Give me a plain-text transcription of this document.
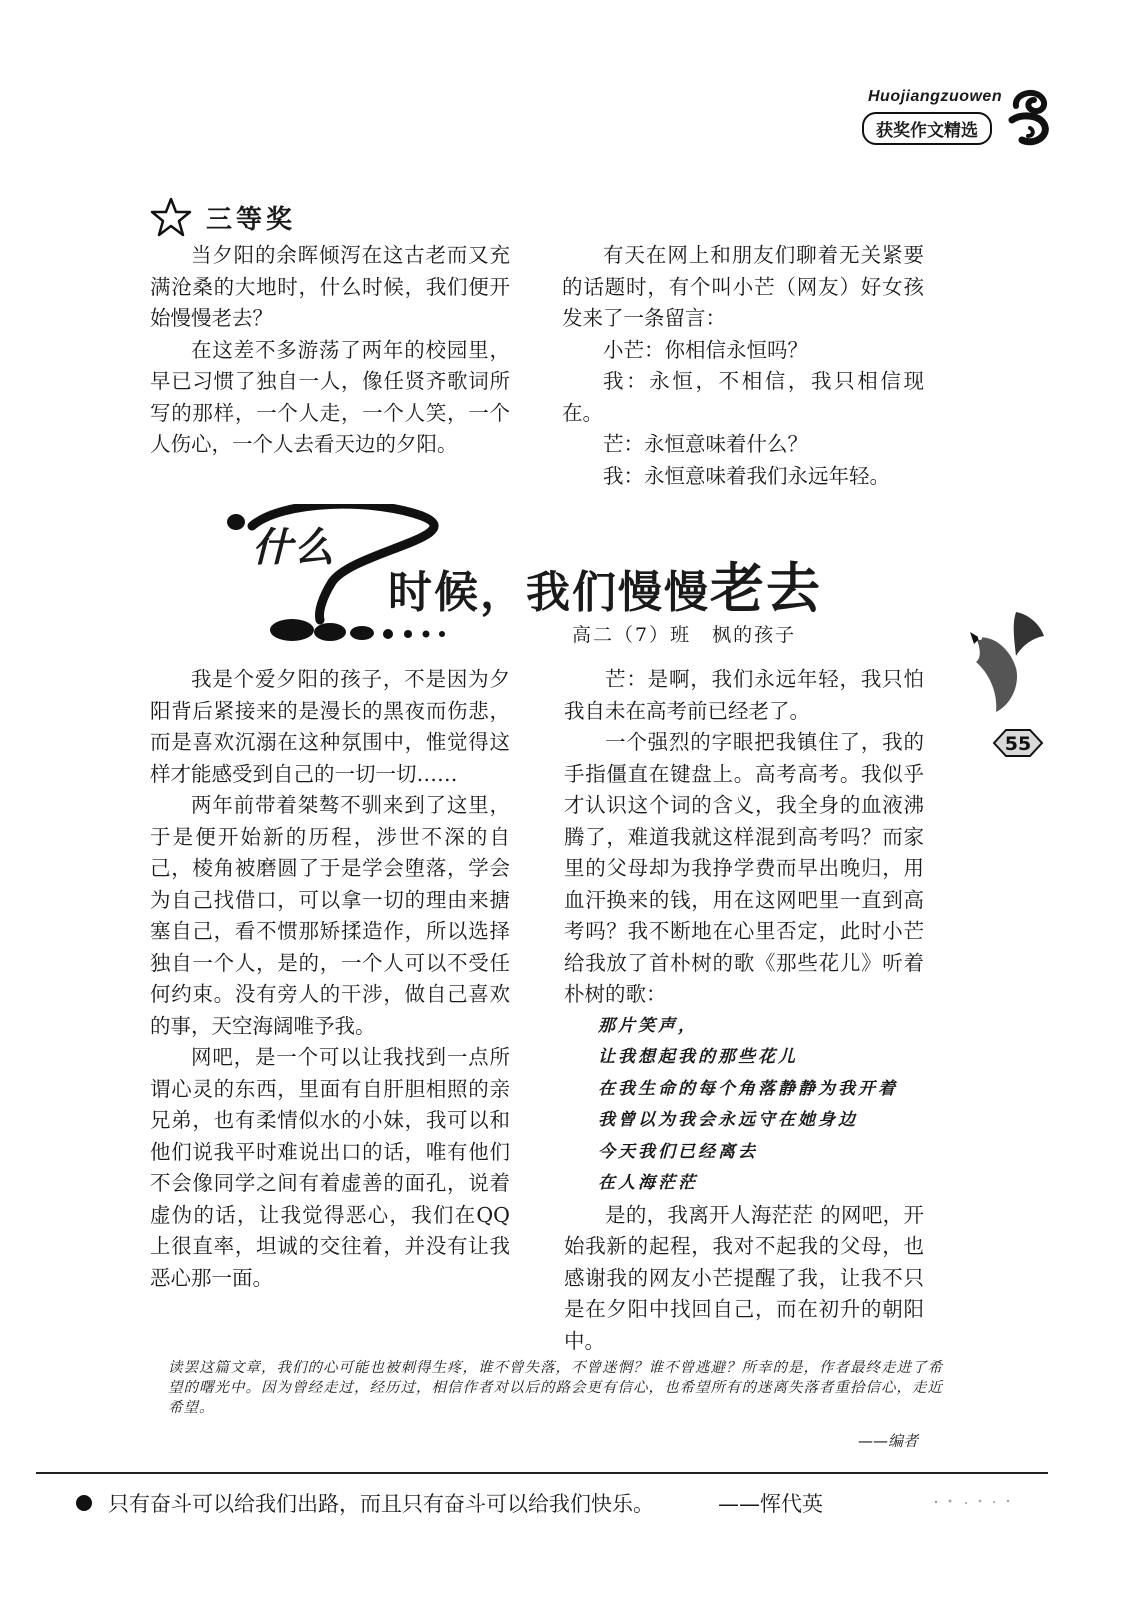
Huojiangzuowen
获奖作文精选
三等奖

当夕阳的余晖倾泻在这古老而又充满沧桑的大地时，什么时候，我们便开始慢慢老去？

在这差不多游荡了两年的校园里，早已习惯了独自一人，像任贤齐歌词所写的那样，一个人走，一个人笑，一个人伤心，一个人去看天边的夕阳。

有天在网上和朋友们聊着无关紧要的话题时，有个叫小芒（网友）好女孩发来了一条留言：

小芒：你相信永恒吗？

我：永恒，不相信，我只相信现在。

芒：永恒意味着什么？

我：永恒意味着我们永远年轻。

什么
时候，我们慢慢老去
高二（7）班　枫的孩子
55

我是个爱夕阳的孩子，不是因为夕阳背后紧接来的是漫长的黑夜而伤悲，而是喜欢沉溺在这种氛围中，惟觉得这样才能感受到自己的一切一切……

两年前带着桀骜不驯来到了这里，于是便开始新的历程，涉世不深的自己，棱角被磨圆了于是学会堕落，学会为自己找借口，可以拿一切的理由来搪塞自己，看不惯那矫揉造作，所以选择独自一个人，是的，一个人可以不受任何约束。没有旁人的干涉，做自己喜欢的事，天空海阔唯予我。

网吧，是一个可以让我找到一点所谓心灵的东西，里面有自肝胆相照的亲兄弟，也有柔情似水的小妹，我可以和他们说我平时难说出口的话，唯有他们不会像同学之间有着虚善的面孔，说着虚伪的话，让我觉得恶心，我们在QQ上很直率，坦诚的交往着，并没有让我恶心那一面。

芒：是啊，我们永远年轻，我只怕我自未在高考前已经老了。

一个强烈的字眼把我镇住了，我的手指僵直在键盘上。高考高考。我似乎才认识这个词的含义，我全身的血液沸腾了，难道我就这样混到高考吗？而家里的父母却为我挣学费而早出晚归，用血汗换来的钱，用在这网吧里一直到高考吗？我不断地在心里否定，此时小芒给我放了首朴树的歌《那些花儿》听着朴树的歌：

那片笑声，
让我想起我的那些花儿
在我生命的每个角落静静为我开着
我曾以为我会永远守在她身边
今天我们已经离去
在人海茫茫

是的，我离开人海茫茫 的网吧，开始我新的起程，我对不起我的父母，也感谢我的网友小芒提醒了我，让我不只是在夕阳中找回自己，而在初升的朝阳中。

读罢这篇文章，我们的心可能也被刺得生疼，谁不曾失落，不曾迷惘？谁不曾逃避？所幸的是，作者最终走进了希望的曙光中。因为曾经走过，经历过，相信作者对以后的路会更有信心，也希望所有的迷离失落者重拾信心，走近希望。
——编者
只有奋斗可以给我们出路，而且只有奋斗可以给我们快乐。	——恽代英
